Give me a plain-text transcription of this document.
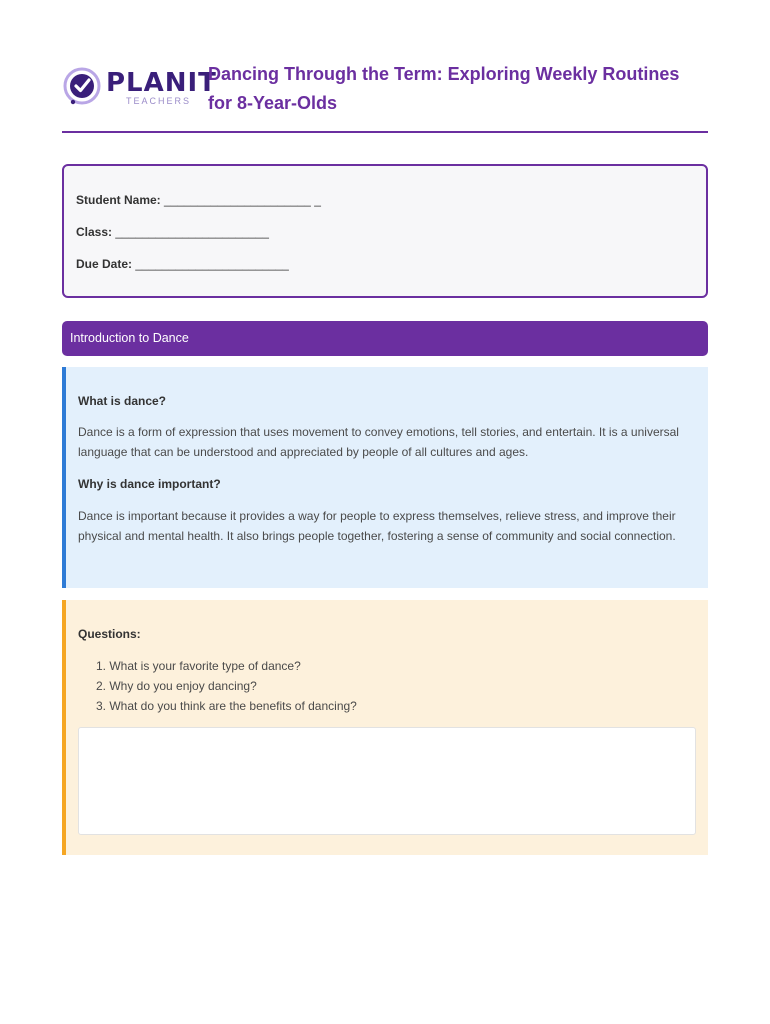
PLANIT
TEACHERS
Dancing Through the Term: Exploring Weekly Routines for 8-Year-Olds
Student Name: ______________________ _
Class: _______________________
Due Date: _______________________
Introduction to Dance
What is dance?
Dance is a form of expression that uses movement to convey emotions, tell stories, and entertain. It is a universal language that can be understood and appreciated by people of all cultures and ages.
Why is dance important?
Dance is important because it provides a way for people to express themselves, relieve stress, and improve their physical and mental health. It also brings people together, fostering a sense of community and social connection.
Questions:
1. What is your favorite type of dance?
2. Why do you enjoy dancing?
3. What do you think are the benefits of dancing?
